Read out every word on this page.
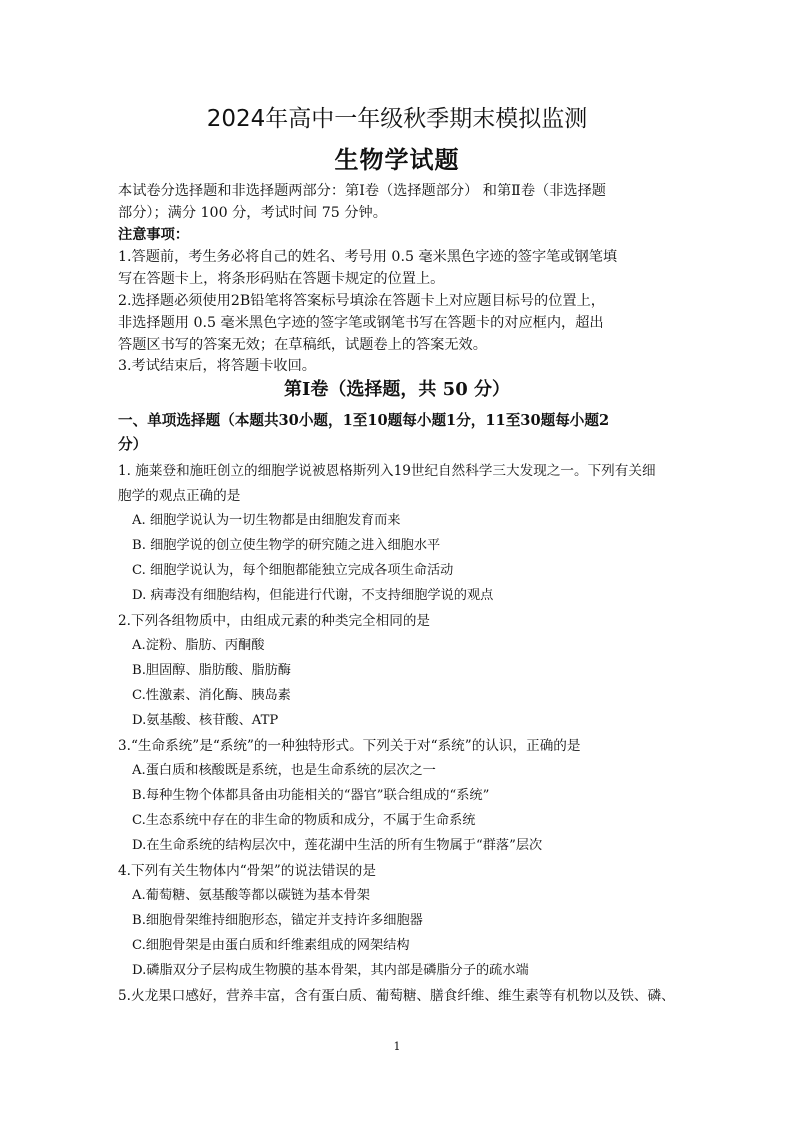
2024年高中一年级秋季期末模拟监测
生物学试题
本试卷分选择题和非选择题两部分：第Ⅰ卷（选择题部分） 和第Ⅱ卷（非选择题
部分）；满分 100 分，考试时间 75 分钟。
注意事项：
1.答题前，考生务必将自己的姓名、考号用 0.5 毫米黑色字迹的签字笔或钢笔填
写在答题卡上，将条形码贴在答题卡规定的位置上。
2.选择题必须使用2B铅笔将答案标号填涂在答题卡上对应题目标号的位置上，
非选择题用 0.5 毫米黑色字迹的签字笔或钢笔书写在答题卡的对应框内，超出
答题区书写的答案无效；在草稿纸，试题卷上的答案无效。
3.考试结束后，将答题卡收回。
第Ⅰ卷（选择题，共 50 分）
一、单项选择题（本题共30小题，1至10题每小题1分，11至30题每小题2
分）
1. 施莱登和施旺创立的细胞学说被恩格斯列入19世纪自然科学三大发现之一。下列有关细
胞学的观点正确的是
A. 细胞学说认为一切生物都是由细胞发育而来
B. 细胞学说的创立使生物学的研究随之进入细胞水平
C. 细胞学说认为，每个细胞都能独立完成各项生命活动
D. 病毒没有细胞结构，但能进行代谢，不支持细胞学说的观点
2.下列各组物质中，由组成元素的种类完全相同的是
A.淀粉、脂肪、丙酮酸
B.胆固醇、脂肪酸、脂肪酶
C.性激素、消化酶、胰岛素
D.氨基酸、核苷酸、ATP
3.“生命系统”是“系统”的一种独特形式。下列关于对“系统”的认识，正确的是
A.蛋白质和核酸既是系统，也是生命系统的层次之一
B.每种生物个体都具备由功能相关的“器官”联合组成的“系统”
C.生态系统中存在的非生命的物质和成分，不属于生命系统
D.在生命系统的结构层次中，莲花湖中生活的所有生物属于“群落”层次
4.下列有关生物体内“骨架”的说法错误的是
A.葡萄糖、氨基酸等都以碳链为基本骨架
B.细胞骨架维持细胞形态，锚定并支持许多细胞器
C.细胞骨架是由蛋白质和纤维素组成的网架结构
D.磷脂双分子层构成生物膜的基本骨架，其内部是磷脂分子的疏水端
5.火龙果口感好，营养丰富，含有蛋白质、葡萄糖、膳食纤维、维生素等有机物以及铁、磷、
1
